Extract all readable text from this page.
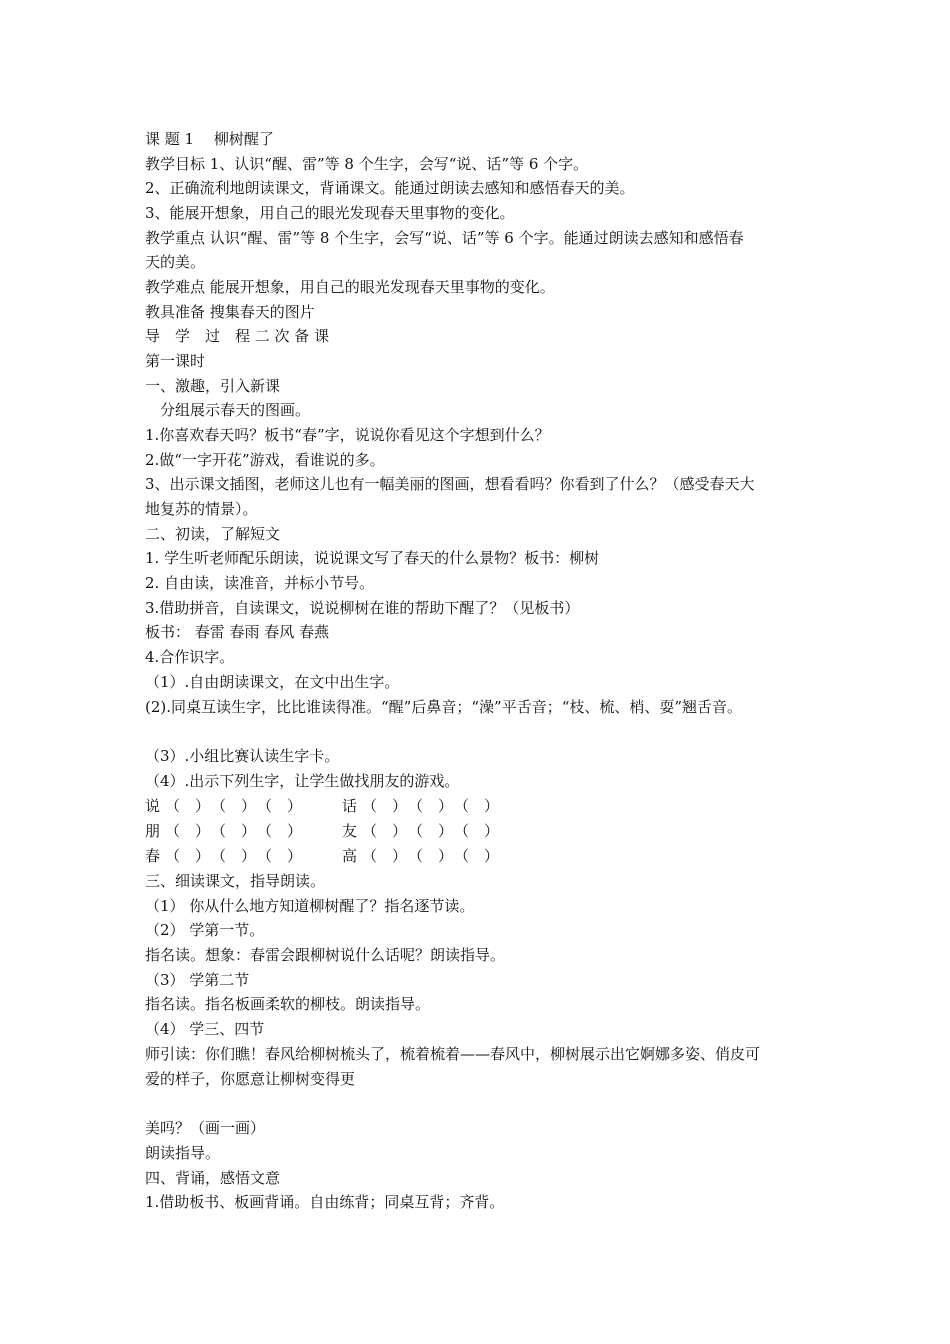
课 题 1　 柳树醒了
教学目标 1、认识“醒、雷”等 8 个生字，会写“说、话”等 6 个字。
2、正确流利地朗读课文，背诵课文。能通过朗读去感知和感悟春天的美。
3、能展开想象，用自己的眼光发现春天里事物的变化。
教学重点 认识“醒、雷”等 8 个生字，会写“说、话”等 6 个字。能通过朗读去感知和感悟春
天的美。
教学难点 能展开想象，用自己的眼光发现春天里事物的变化。
教具准备 搜集春天的图片
导　学　过　程 二 次 备 课
第一课时
一、激趣，引入新课
　分组展示春天的图画。
1.你喜欢春天吗？板书“春”字，说说你看见这个字想到什么？
2.做“一字开花”游戏，看谁说的多。
3、出示课文插图，老师这儿也有一幅美丽的图画，想看看吗？你看到了什么？（感受春天大
地复苏的情景）。
二、初读，了解短文
1. 学生听老师配乐朗读，说说课文写了春天的什么景物？板书：柳树
2. 自由读，读准音，并标小节号。
3.借助拼音，自读课文，说说柳树在谁的帮助下醒了？（见板书）
板书： 春雷 春雨 春风 春燕
4.合作识字。
（1）.自由朗读课文，在文中出生字。
(2).同桌互读生字，比比谁读得准。“醒”后鼻音；“澡”平舌音；“枝、梳、梢、耍”翘舌音。
（3）.小组比赛认读生字卡。
（4）.出示下列生字，让学生做找朋友的游戏。
说 （　） （　） （　）	话 （　） （　） （　）
朋 （　） （　） （　）	友 （　） （　） （　）
春 （　） （　） （　）	高 （　） （　） （　）
三、细读课文，指导朗读。
（1） 你从什么地方知道柳树醒了？指名逐节读。
（2） 学第一节。
指名读。想象：春雷会跟柳树说什么话呢？朗读指导。
（3） 学第二节
指名读。指名板画柔软的柳枝。朗读指导。
（4） 学三、四节
师引读：你们瞧！春风给柳树梳头了，梳着梳着——春风中，柳树展示出它婀娜多姿、俏皮可
爱的样子，你愿意让柳树变得更
美吗？（画一画）
朗读指导。
四、背诵，感悟文意
1.借助板书、板画背诵。自由练背；同桌互背；齐背。
